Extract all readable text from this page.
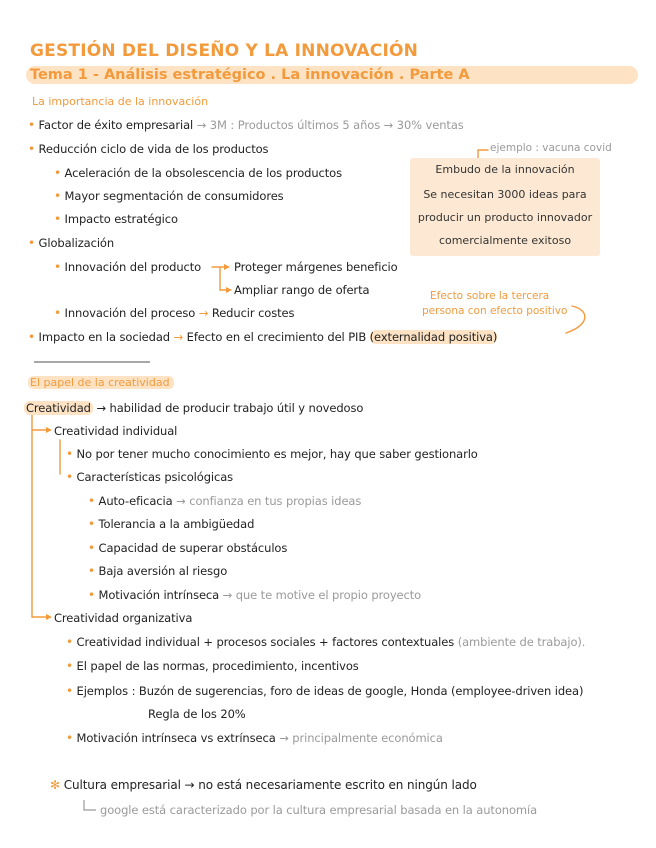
GESTIÓN DEL DISEÑO Y LA INNOVACIÓN
Tema 1 - Análisis estratégico . La innovación . Parte A
La importancia de la innovación
• Factor de éxito empresarial → 3M : Productos últimos 5 años → 30% ventas
• Reducción ciclo de vida de los productos
• Aceleración de la obsolescencia de los productos
• Mayor segmentación de consumidores
• Impacto estratégico
• Globalización
• Innovación del producto	Proteger márgenes beneficio
Ampliar rango de oferta
• Innovación del proceso → Reducir costes
• Impacto en la sociedad → Efecto en el crecimiento del PIB (externalidad positiva)
Efecto sobre la tercera
persona con efecto positivo
ejemplo : vacuna covid
Embudo de la innovación
Se necesitan 3000 ideas para
producir un producto innovador
comercialmente exitoso
El papel de la creatividad
Creatividad → habilidad de producir trabajo útil y novedoso
Creatividad individual
• No por tener mucho conocimiento es mejor, hay que saber gestionarlo
• Características psicológicas
• Auto-eficacia → confianza en tus propias ideas
• Tolerancia a la ambigüedad
• Capacidad de superar obstáculos
• Baja aversión al riesgo
• Motivación intrínseca → que te motive el propio proyecto
Creatividad organizativa
• Creatividad individual + procesos sociales + factores contextuales (ambiente de trabajo).
• El papel de las normas, procedimiento, incentivos
• Ejemplos : Buzón de sugerencias, foro de ideas de google, Honda (employee-driven idea)
Regla de los 20%
• Motivación intrínseca vs extrínseca → principalmente económica
✻ Cultura empresarial → no está necesariamente escrito en ningún lado
google está caracterizado por la cultura empresarial basada en la autonomía
